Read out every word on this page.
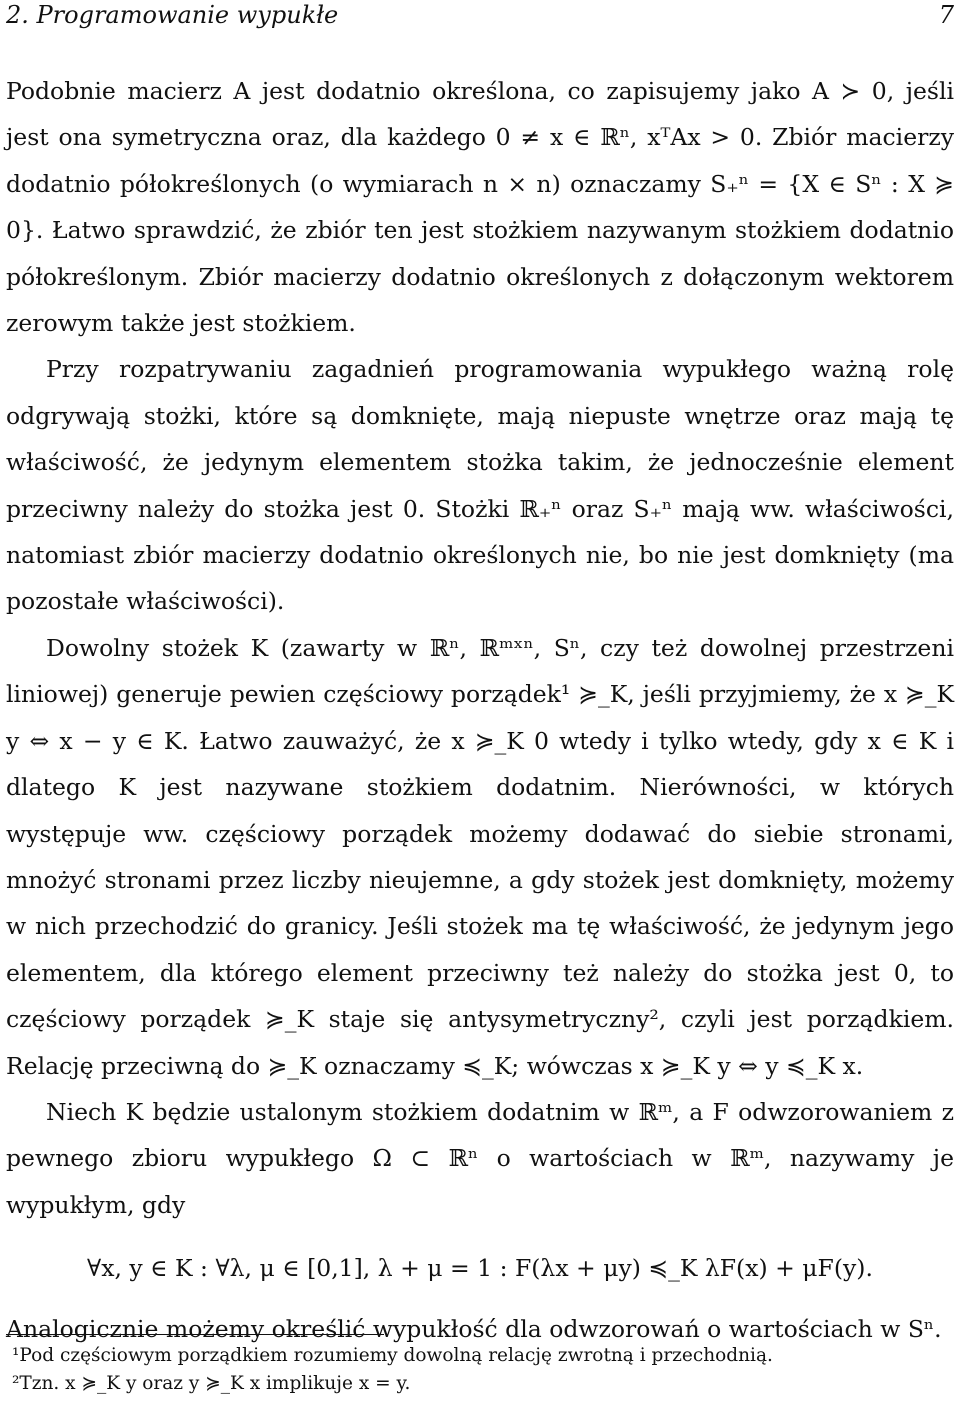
2. Programowanie wypukłe	7

Podobnie macierz A jest dodatnio określona, co zapisujemy jako A ≻ 0, jeśli jest ona symetryczna oraz, dla każdego 0 ≠ x ∈ ℝⁿ, xᵀAx > 0. Zbiór macierzy dodatnio półokreślonych (o wymiarach n × n) oznaczamy S₊ⁿ = {X ∈ Sⁿ : X ≽ 0}. Łatwo sprawdzić, że zbiór ten jest stożkiem nazywanym stożkiem dodatnio półokreślonym. Zbiór macierzy dodatnio określonych z dołączonym wektorem zerowym także jest stożkiem.

Przy rozpatrywaniu zagadnień programowania wypukłego ważną rolę odgrywają stożki, które są domknięte, mają niepuste wnętrze oraz mają tę właściwość, że jedynym elementem stożka takim, że jednocześnie element przeciwny należy do stożka jest 0. Stożki ℝ₊ⁿ oraz S₊ⁿ mają ww. właściwości, natomiast zbiór macierzy dodatnio określonych nie, bo nie jest domknięty (ma pozostałe właściwości).

Dowolny stożek K (zawarty w ℝⁿ, ℝᵐˣⁿ, Sⁿ, czy też dowolnej przestrzeni liniowej) generuje pewien częściowy porządek¹ ≽_K, jeśli przyjmiemy, że x ≽_K y ⇔ x − y ∈ K. Łatwo zauważyć, że x ≽_K 0 wtedy i tylko wtedy, gdy x ∈ K i dlatego K jest nazywane stożkiem dodatnim. Nierówności, w których występuje ww. częściowy porządek możemy dodawać do siebie stronami, mnożyć stronami przez liczby nieujemne, a gdy stożek jest domknięty, możemy w nich przechodzić do granicy. Jeśli stożek ma tę właściwość, że jedynym jego elementem, dla którego element przeciwny też należy do stożka jest 0, to częściowy porządek ≽_K staje się antysymetryczny², czyli jest porządkiem. Relację przeciwną do ≽_K oznaczamy ≼_K; wówczas x ≽_K y ⇔ y ≼_K x.

Niech K będzie ustalonym stożkiem dodatnim w ℝᵐ, a F odwzorowaniem z pewnego zbioru wypukłego Ω ⊂ ℝⁿ o wartościach w ℝᵐ, nazywamy je wypukłym, gdy

∀x, y ∈ K : ∀λ, μ ∈ [0,1], λ + μ = 1 : F(λx + μy) ≼_K λF(x) + μF(y).

Analogicznie możemy określić wypukłość dla odwzorowań o wartościach w Sⁿ.

¹Pod częściowym porządkiem rozumiemy dowolną relację zwrotną i przechodnią.
²Tzn. x ≽_K y oraz y ≽_K x implikuje x = y.
